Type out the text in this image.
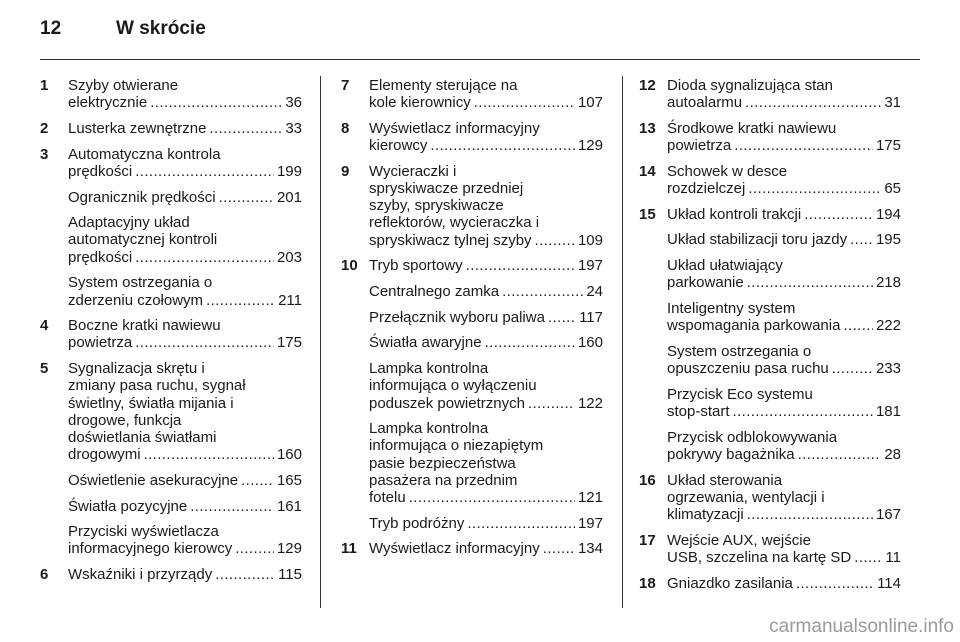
12	W skrócie
1 Szyby otwierane
elektrycznie .....	36
2 Lusterka zewnętrzne .....	33
3 Automatyczna kontrola
prędkości .....	199
Ogranicznik prędkości .....	201
Adaptacyjny układ
automatycznej kontroli
prędkości .....	203
System ostrzegania o
zderzeniu czołowym .....	211
4 Boczne kratki nawiewu
powietrza .....	175
5 Sygnalizacja skrętu i
zmiany pasa ruchu, sygnał
świetlny, światła mijania i
drogowe, funkcja
doświetlania światłami
drogowymi .....	160
Oświetlenie asekuracyjne .....	165
Światła pozycyjne .....	161
Przyciski wyświetlacza
informacyjnego kierowcy .....	129
6 Wskaźniki i przyrządy .....	115
7 Elementy sterujące na
kole kierownicy .....	107
8 Wyświetlacz informacyjny
kierowcy .....	129
9 Wycieraczki i
spryskiwacze przedniej
szyby, spryskiwacze
reflektorów, wycieraczka i
spryskiwacz tylnej szyby .....	109
10 Tryb sportowy .....	197
Centralnego zamka .....	24
Przełącznik wyboru paliwa ..... 117
Światła awaryjne .....	160
Lampka kontrolna
informująca o wyłączeniu
poduszek powietrznych .....	122
Lampka kontrolna
informująca o niezapiętym
pasie bezpieczeństwa
pasażera na przednim
fotelu .....	121
Tryb podróżny .....	197
11 Wyświetlacz informacyjny .....	134
12 Dioda sygnalizująca stan
autoalarmu .....	31
13 Środkowe kratki nawiewu
powietrza .....	175
14 Schowek w desce
rozdzielczej .....	65
15 Układ kontroli trakcji .....	194
Układ stabilizacji toru jazdy ..... 195
Układ ułatwiający
parkowanie .....	218
Inteligentny system
wspomagania parkowania ..... 222
System ostrzegania o
opuszczeniu pasa ruchu .....	233
Przycisk Eco systemu
stop-start .....	181
Przycisk odblokowywania
pokrywy bagażnika .....	28
16 Układ sterowania
ogrzewania, wentylacji i
klimatyzacji .....	167
17 Wejście AUX, wejście
USB, szczelina na kartę SD ..... 11
18 Gniazdko zasilania .....	114
carmanualsonline.info
